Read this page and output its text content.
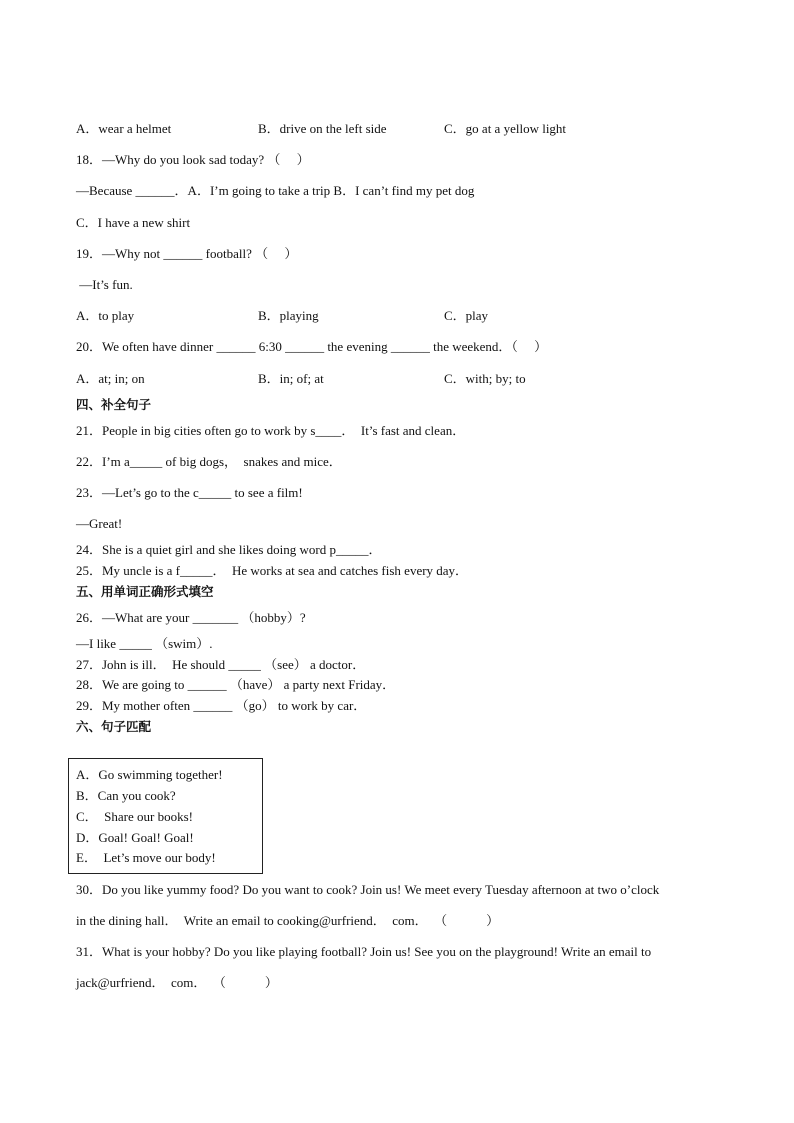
A．wear a helmet	B．drive on the left side	C．go at a yellow light
18．—Why do you look sad today? （　 ）
—Because ______．A．I’m going to take a trip B．I can’t find my pet dog
C．I have a new shirt
19．—Why not ______ football? （　 ）
—It’s fun.
A．to play	B．playing	C．play
20．We often have dinner ______ 6:30 ______ the evening ______ the weekend．（　 ）
A．at; in; on	B．in; of; at	C．with; by; to
四、补全句子
21．People in big cities often go to work by s____．  It’s fast and clean．
22．I’m a_____ of big dogs，  snakes and mice．
23．—Let’s go to the c_____ to see a film!
—Great!
24．She is a quiet girl and she likes doing word p_____．
25．My uncle is a f_____．  He works at sea and catches fish every day．
五、用单词正确形式填空
26．—What are your _______ （hobby）?
—I like _____ （swim）.
27．John is ill．  He should _____ （see） a doctor．
28．We are going to ______ （have） a party next Friday．
29．My mother often ______ （go） to work by car．
六、句子匹配
A．Go swimming together!
B．Can you cook?
C．  Share our books!
D．Goal! Goal! Goal!
E．  Let’s move our body!
30．Do you like yummy food? Do you want to cook? Join us! We meet every Tuesday afternoon at two o’clock
in the dining hall．  Write an email to cooking@urfriend．  com．  （　　　）
31．What is your hobby? Do you like playing football? Join us! See you on the playground! Write an email to
jack@urfriend．  com．  （　　　）
